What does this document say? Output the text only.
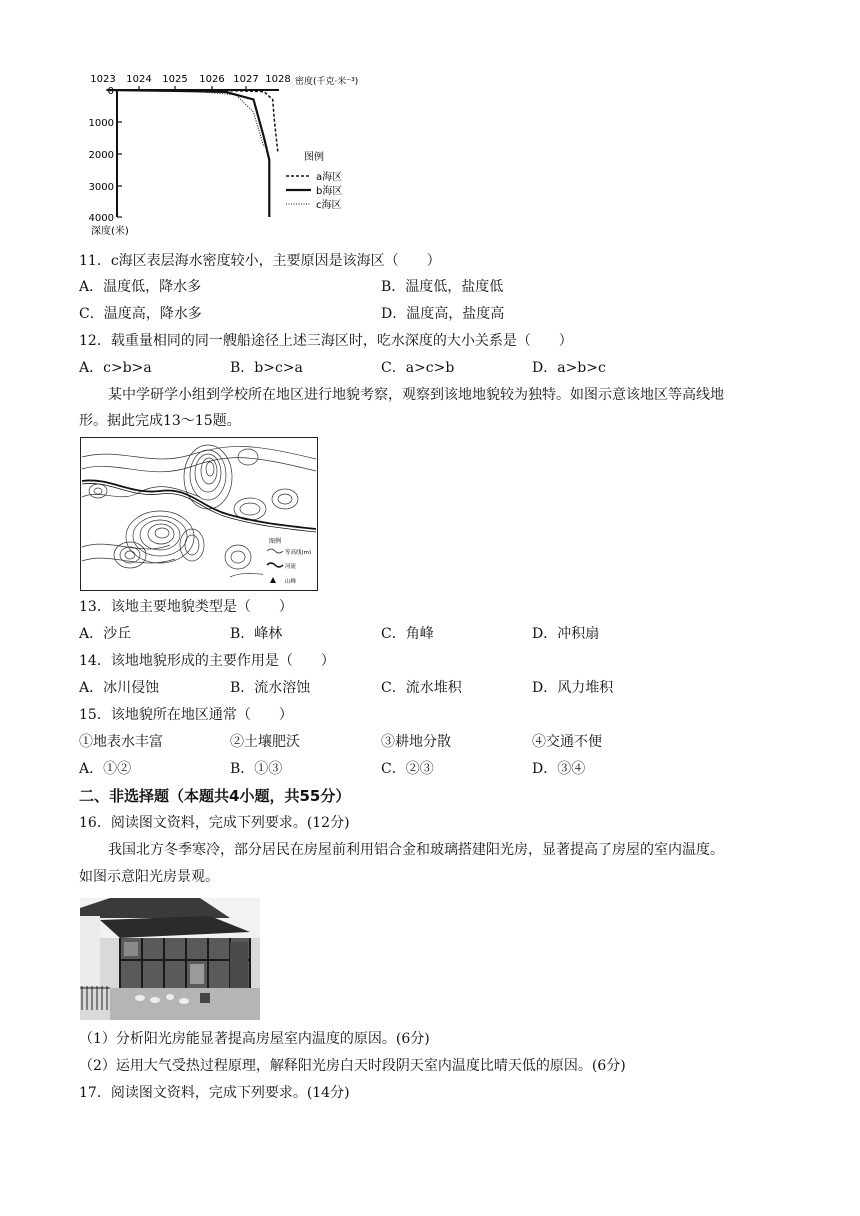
1023 1024 1025 1026 1027 1028 密度(千克·米⁻³)
0
1000
2000
3000
4000
深度(米)
图例
a海区
b海区
c海区
11．c海区表层海水密度较小，主要原因是该海区（　　）
A．温度低，降水多	B．温度低，盐度低
C．温度高，降水多	D．温度高，盐度高
12．载重量相同的同一艘船途径上述三海区时，吃水深度的大小关系是（　　）
A．c>b>a	B．b>c>a	C．a>c>b	D．a>b>c
某中学研学小组到学校所在地区进行地貌考察，观察到该地地貌较为独特。如图示意该地区等高线地
形。据此完成13～15题。
图例
等高线(m)
河流
山峰
13．该地主要地貌类型是（　　）
A．沙丘	B．峰林	C．角峰	D．冲积扇
14．该地地貌形成的主要作用是（　　）
A．冰川侵蚀	B．流水溶蚀	C．流水堆积	D．风力堆积
15．该地貌所在地区通常（　　）
①地表水丰富	②土壤肥沃	③耕地分散	④交通不便
A．①②	B．①③	C．②③	D．③④
二、非选择题（本题共4小题，共55分）
16．阅读图文资料，完成下列要求。(12分)
我国北方冬季寒冷，部分居民在房屋前利用铝合金和玻璃搭建阳光房，显著提高了房屋的室内温度。
如图示意阳光房景观。
（1）分析阳光房能显著提高房屋室内温度的原因。(6分)
（2）运用大气受热过程原理，解释阳光房白天时段阴天室内温度比晴天低的原因。(6分)
17．阅读图文资料，完成下列要求。(14分)
